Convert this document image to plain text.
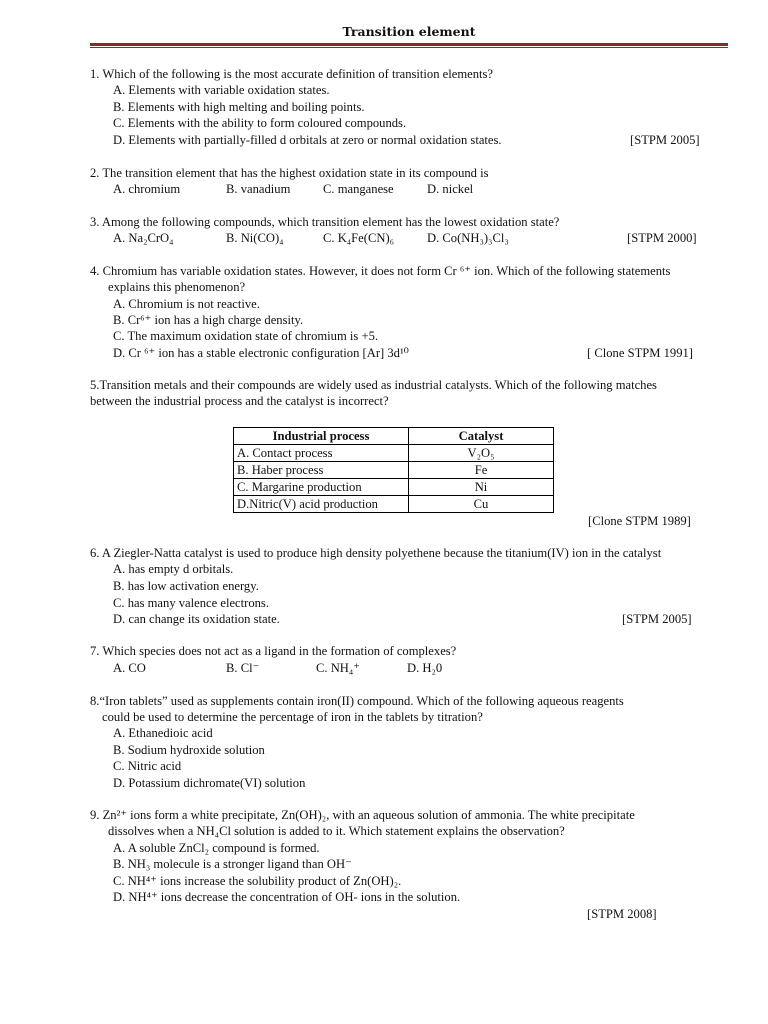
Transition element
1. Which of the following is the most accurate definition of transition elements?
A. Elements with variable oxidation states.
B. Elements with high melting and boiling points.
C. Elements with the ability to form coloured compounds.
D. Elements with partially-filled d orbitals at zero or normal oxidation states.	[STPM 2005]
2. The transition element that has the highest oxidation state in its compound is
A. chromium	B. vanadium	C. manganese	D. nickel
3. Among the following compounds, which transition element has the lowest oxidation state?
A. Na₂CrO₄	B. Ni(CO)₄	C. K₄Fe(CN)₆	D. Co(NH₃)₃Cl₃	[STPM 2000]
4. Chromium has variable oxidation states. However, it does not form Cr ⁶⁺ ion. Which of the following statements
explains this phenomenon?
A. Chromium is not reactive.
B. Cr⁶⁺ ion has a high charge density.
C. The maximum oxidation state of chromium is +5.
D. Cr ⁶⁺ ion has a stable electronic configuration [Ar] 3d¹⁰	[ Clone STPM 1991]
5.Transition metals and their compounds are widely used as industrial catalysts. Which of the following matches
between the industrial process and the catalyst is incorrect?
Industrial process	Catalyst
A. Contact process	V₂O₅
B. Haber process	Fe
C. Margarine production	Ni
D.Nitric(V) acid production	Cu
[Clone STPM 1989]
6. A Ziegler-Natta catalyst is used to produce high density polyethene because the titanium(IV) ion in the catalyst
A. has empty d orbitals.
B. has low activation energy.
C. has many valence electrons.
D. can change its oxidation state.	[STPM 2005]
7. Which species does not act as a ligand in the formation of complexes?
A. CO	B. Cl⁻	C. NH₄⁺	D. H₂0
8.“Iron tablets” used as supplements contain iron(II) compound. Which of the following aqueous reagents
could be used to determine the percentage of iron in the tablets by titration?
A. Ethanedioic acid
B. Sodium hydroxide solution
C. Nitric acid
D. Potassium dichromate(VI) solution
9. Zn²⁺ ions form a white precipitate, Zn(OH)₂, with an aqueous solution of ammonia. The white precipitate
dissolves when a NH₄Cl solution is added to it. Which statement explains the observation?
A. A soluble ZnCl₂ compound is formed.
B. NH₃ molecule is a stronger ligand than OH⁻
C. NH⁴⁺ ions increase the solubility product of Zn(OH)₂.
D. NH⁴⁺ ions decrease the concentration of OH- ions in the solution.
[STPM 2008]
